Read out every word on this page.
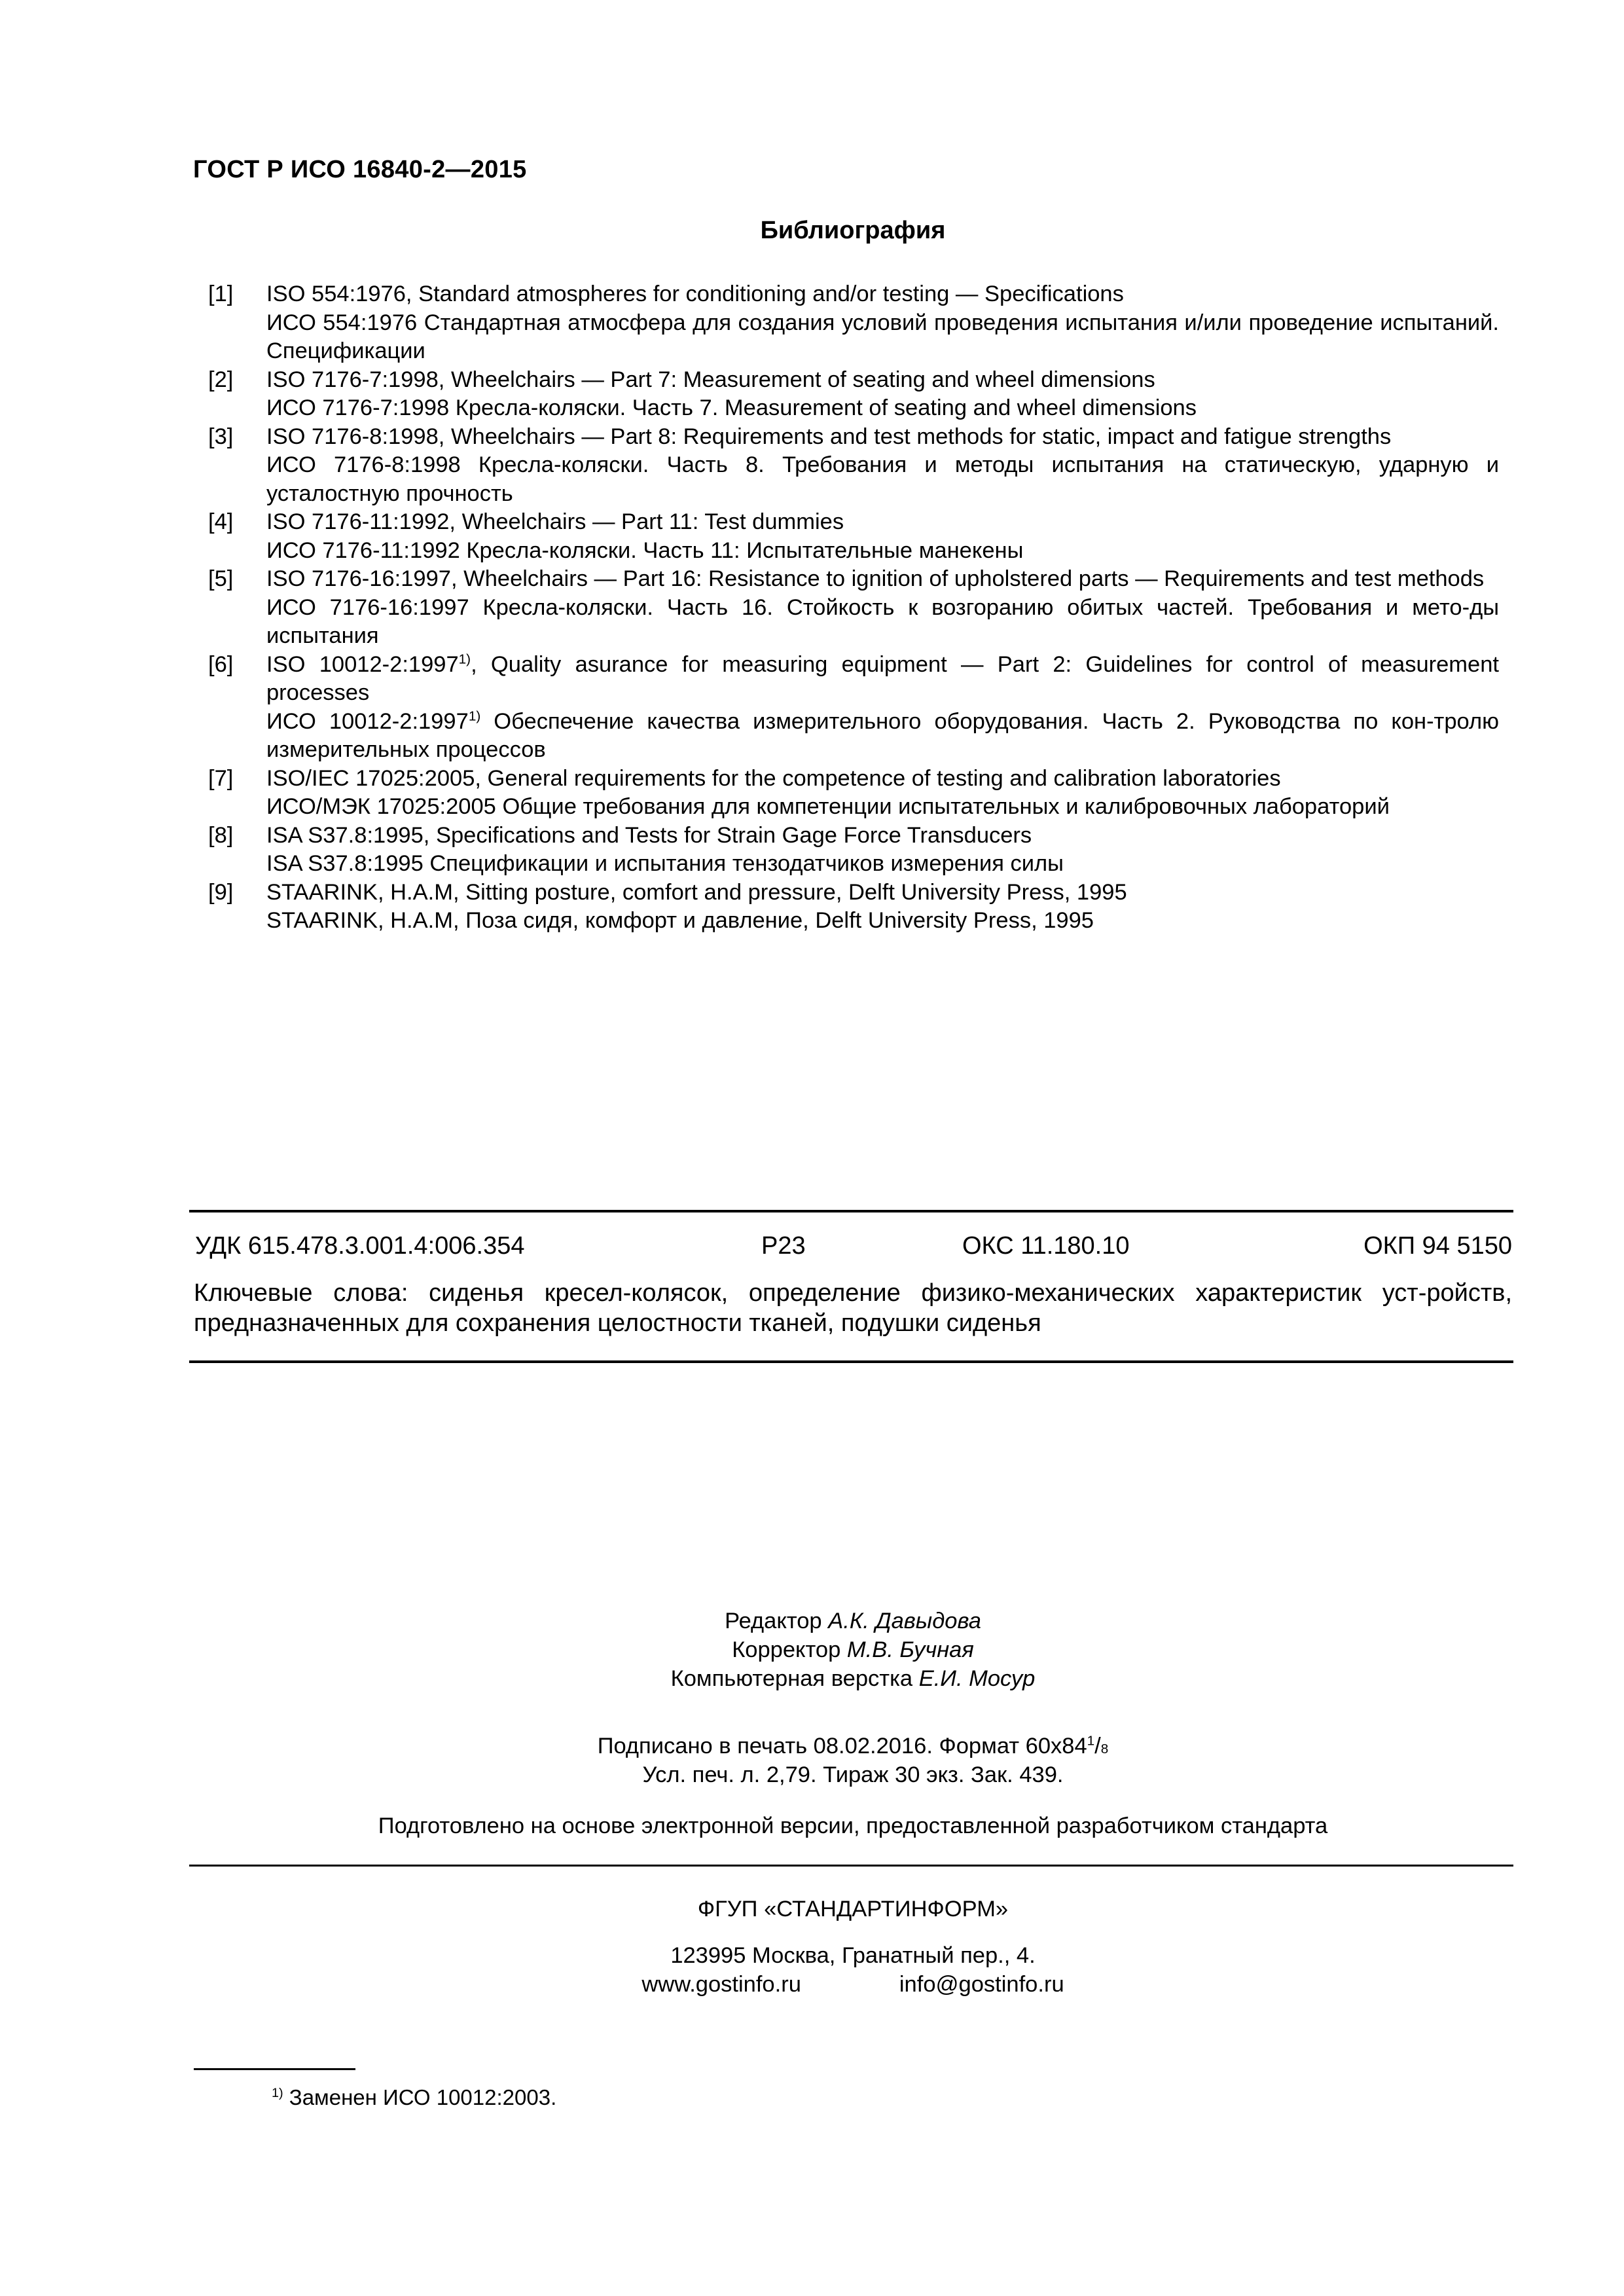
ГОСТ Р ИСО 16840-2—2015
Библиография
[1]	ISO 554:1976, Standard atmospheres for conditioning and/or testing — Specifications
ИСО 554:1976 Стандартная атмосфера для создания условий проведения испытания и/или проведение испытаний. Спецификации
[2]	ISO 7176-7:1998, Wheelchairs — Part 7: Measurement of seating and wheel dimensions
ИСО 7176-7:1998 Кресла-коляски. Часть 7. Measurement of seating and wheel dimensions
[3]	ISO 7176-8:1998, Wheelchairs — Part 8: Requirements and test methods for static, impact and fatigue strengths
ИСО 7176-8:1998 Кресла-коляски. Часть 8. Требования и методы испытания на статическую, ударную и усталостную прочность
[4]	ISO 7176-11:1992, Wheelchairs — Part 11: Test dummies
ИСО 7176-11:1992 Кресла-коляски. Часть 11: Испытательные манекены
[5]	ISO 7176-16:1997, Wheelchairs — Part 16: Resistance to ignition of upholstered parts — Requirements and test methods
ИСО 7176-16:1997 Кресла-коляски. Часть 16. Стойкость к возгоранию обитых частей. Требования и мето-ды испытания
[6]	ISO 10012-2:1997$^{1)}$, Quality asurance for measuring equipment — Part 2: Guidelines for control of measurement processes
ИСО 10012-2:1997$^{1)}$ Обеспечение качества измерительного оборудования. Часть 2. Руководства по кон-тролю измерительных процессов
[7]	ISO/IEC 17025:2005, General requirements for the competence of testing and calibration laboratories
ИСО/МЭК 17025:2005 Общие требования для компетенции испытательных и калибровочных лабораторий
[8]	ISA S37.8:1995, Specifications and Tests for Strain Gage Force Transducers
ISA S37.8:1995 Спецификации и испытания тензодатчиков измерения силы
[9]	STAARINK, H.A.M, Sitting posture, comfort and pressure, Delft University Press, 1995
STAARINK, H.A.M, Поза сидя, комфорт и давление, Delft University Press, 1995
УДК 615.478.3.001.4:006.354	Р23	ОКС 11.180.10	ОКП 94 5150
Ключевые слова: сиденья кресел-колясок, определение физико-механических характеристик уст-ройств, предназначенных для сохранения целостности тканей, подушки сиденья
Редактор А.К. Давыдова
Корректор М.В. Бучная
Компьютерная верстка Е.И. Мосур
Подписано в печать 08.02.2016. Формат $60x84^1/8$
Усл. печ. л. 2,79. Тираж 30 экз. Зак. 439.
Подготовлено на основе электронной версии, предоставленной разработчиком стандарта
ФГУП «СТАНДАРТИНФОРМ»
123995 Москва, Гранатный пер., 4.
www.gostinfo.ru	info@gostinfo.ru
$^{1)}$ Заменен ИСО 10012:2003.
